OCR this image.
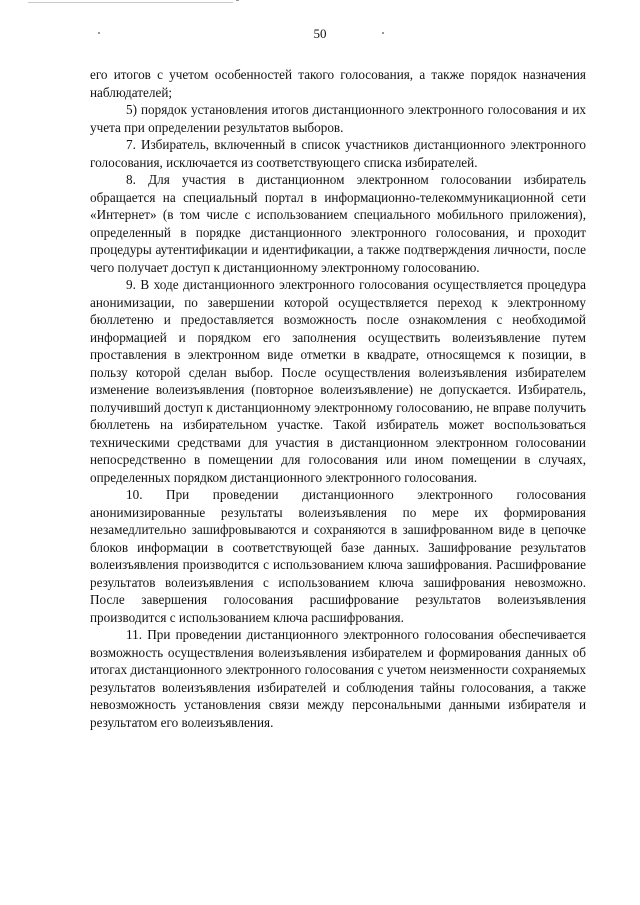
50

его итогов с учетом особенностей такого голосования, а также порядок назначения наблюдателей;

5) порядок установления итогов дистанционного электронного голосования и их учета при определении результатов выборов.

7. Избиратель, включенный в список участников дистанционного электронного голосования, исключается из соответствующего списка избирателей.

8. Для участия в дистанционном электронном голосовании избиратель обращается на специальный портал в информационно-телекоммуникационной сети «Интернет» (в том числе с использованием специального мобильного приложения), определенный в порядке дистанционного электронного голосования, и проходит процедуры аутентификации и идентификации, а также подтверждения личности, после чего получает доступ к дистанционному электронному голосованию.

9. В ходе дистанционного электронного голосования осуществляется процедура анонимизации, по завершении которой осуществляется переход к электронному бюллетеню и предоставляется возможность после ознакомления с необходимой информацией и порядком его заполнения осуществить волеизъявление путем проставления в электронном виде отметки в квадрате, относящемся к позиции, в пользу которой сделан выбор. После осуществления волеизъявления избирателем изменение волеизъявления (повторное волеизъявление) не допускается. Избиратель, получивший доступ к дистанционному электронному голосованию, не вправе получить бюллетень на избирательном участке. Такой избиратель может воспользоваться техническими средствами для участия в дистанционном электронном голосовании непосредственно в помещении для голосования или ином помещении в случаях, определенных порядком дистанционного электронного голосования.

10. При проведении дистанционного электронного голосования анонимизированные результаты волеизъявления по мере их формирования незамедлительно зашифровываются и сохраняются в зашифрованном виде в цепочке блоков информации в соответствующей базе данных. Зашифрование результатов волеизъявления производится с использованием ключа зашифрования. Расшифрование результатов волеизъявления с использованием ключа зашифрования невозможно. После завершения голосования расшифрование результатов волеизъявления производится с использованием ключа расшифрования.

11. При проведении дистанционного электронного голосования обеспечивается возможность осуществления волеизъявления избирателем и формирования данных об итогах дистанционного электронного голосования с учетом неизменности сохраняемых результатов волеизъявления избирателей и соблюдения тайны голосования, а также невозможность установления связи между персональными данными избирателя и результатом его волеизъявления.
